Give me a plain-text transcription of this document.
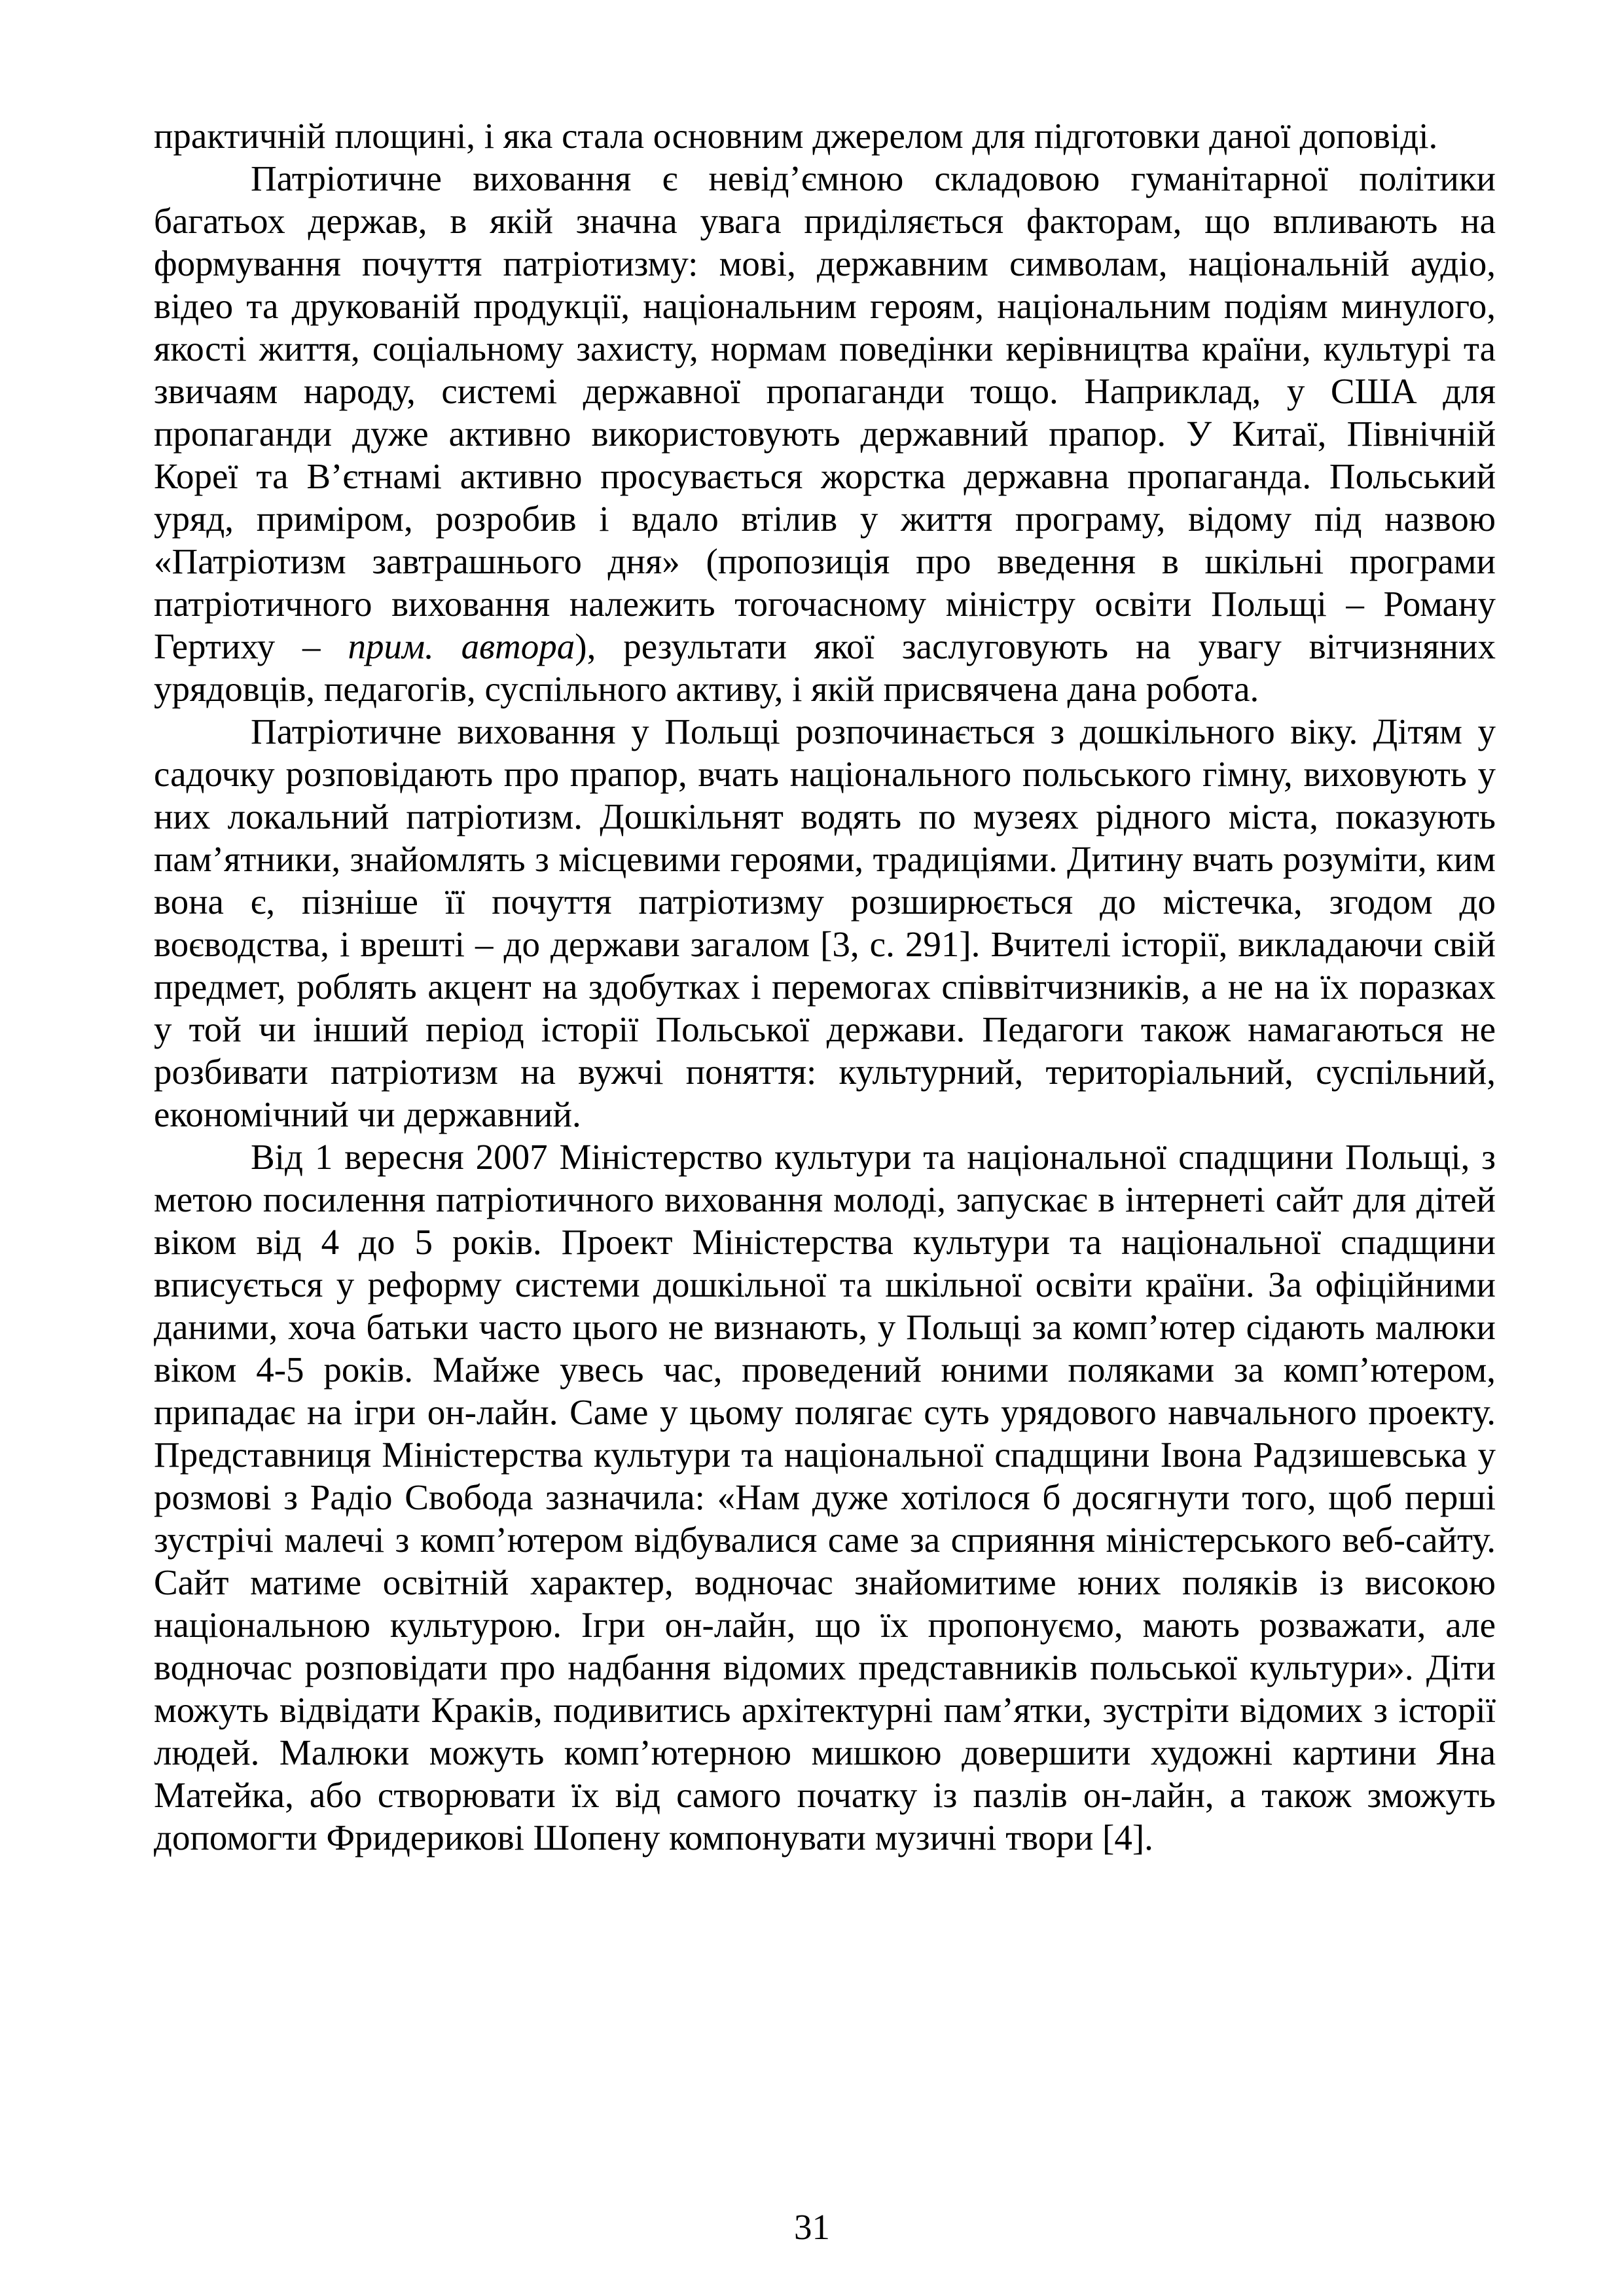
практичній площині, і яка стала основним джерелом для підготовки даної доповіді.

Патріотичне виховання є невід’ємною складовою гуманітарної політики багатьох держав, в якій значна увага приділяється факторам, що впливають на формування почуття патріотизму: мові, державним символам, національній аудіо, відео та друкованій продукції, національним героям, національним подіям минулого, якості життя, соціальному захисту, нормам поведінки керівництва країни, культурі та звичаям народу, системі державної пропаганди тощо. Наприклад, у США для пропаганди дуже активно використовують державний прапор. У Китаї, Північній Кореї та В’єтнамі активно просувається жорстка державна пропаганда. Польський уряд, приміром, розробив і вдало втілив у життя програму, відому під назвою «Патріотизм завтрашнього дня» (пропозиція про введення в шкільні програми патріотичного виховання належить тогочасному міністру освіти Польщі – Роману Гертиху – прим. автора), результати якої заслуговують на увагу вітчизняних урядовців, педагогів, суспільного активу, і якій присвячена дана робота.

Патріотичне виховання у Польщі розпочинається з дошкільного віку. Дітям у садочку розповідають про прапор, вчать національного польського гімну, виховують у них локальний патріотизм. Дошкільнят водять по музеях рідного міста, показують пам’ятники, знайомлять з місцевими героями, традиціями. Дитину вчать розуміти, ким вона є, пізніше її почуття патріотизму розширюється до містечка, згодом до воєводства, і врешті – до держави загалом [3, с. 291]. Вчителі історії, викладаючи свій предмет, роблять акцент на здобутках і перемогах співвітчизників, а не на їх поразках у той чи інший період історії Польської держави. Педагоги також намагаються не розбивати патріотизм на вужчі поняття: культурний, територіальний, суспільний, економічний чи державний.

Від 1 вересня 2007 Міністерство культури та національної спадщини Польщі, з метою посилення патріотичного виховання молоді, запускає в інтернеті сайт для дітей віком від 4 до 5 років. Проект Міністерства культури та національної спадщини вписується у реформу системи дошкільної та шкільної освіти країни. За офіційними даними, хоча батьки часто цього не визнають, у Польщі за комп’ютер сідають малюки віком 4-5 років. Майже увесь час, проведений юними поляками за комп’ютером, припадає на ігри он-лайн. Саме у цьому полягає суть урядового навчального проекту. Представниця Міністерства культури та національної спадщини Івона Радзишевська у розмові з Радіо Свобода зазначила: «Нам дуже хотілося б досягнути того, щоб перші зустрічі малечі з комп’ютером відбувалися саме за сприяння міністерського веб-сайту. Сайт матиме освітній характер, водночас знайомитиме юних поляків із високою національною культурою. Ігри он-лайн, що їх пропонуємо, мають розважати, але водночас розповідати про надбання відомих представників польської культури». Діти можуть відвідати Краків, подивитись архітектурні пам’ятки, зустріти відомих з історії людей. Малюки можуть комп’ютерною мишкою довершити художні картини Яна Матейка, або створювати їх від самого початку із пазлів он-лайн, а також зможуть допомогти Фридерикові Шопену компонувати музичні твори [4].

31
